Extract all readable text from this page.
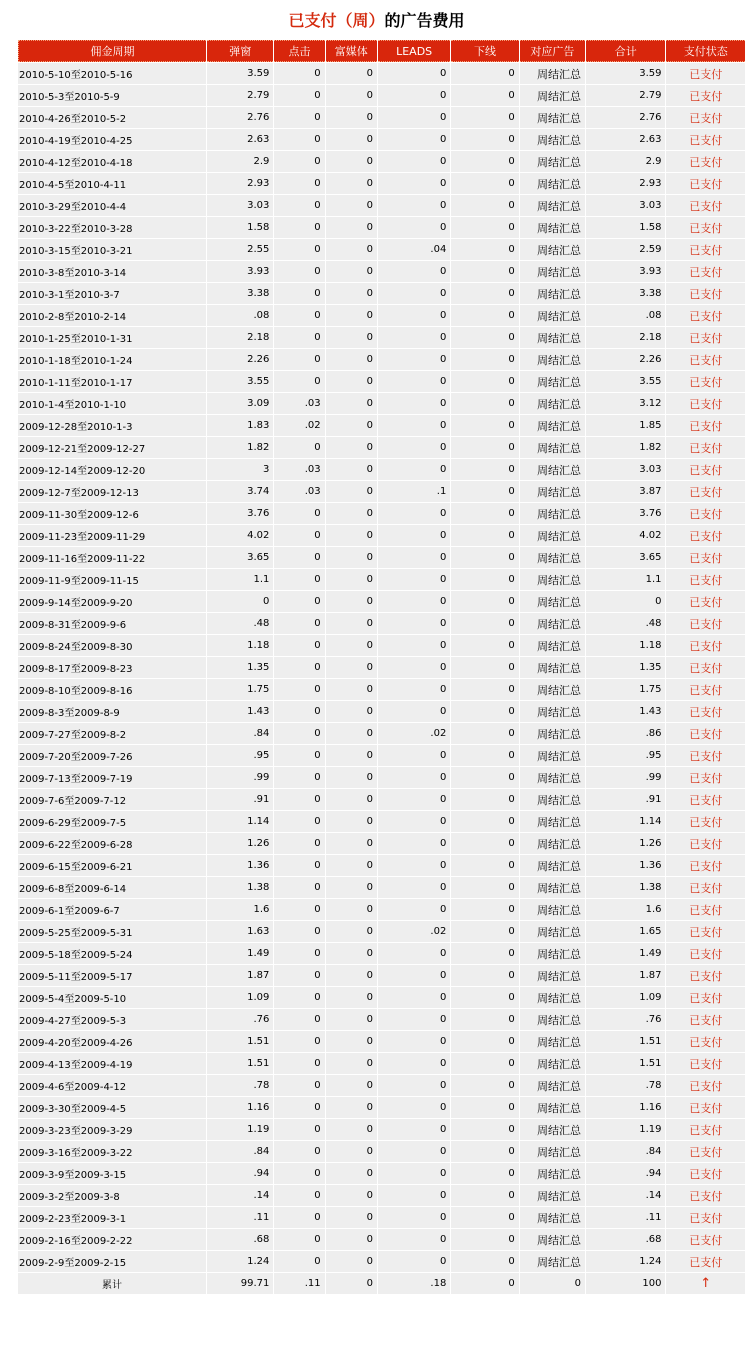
已支付（周）的广告费用
佣金周期	弹窗	点击	富媒体	LEADS	下线	对应广告	合计	支付状态
2010-5-10至2010-5-16	3.59	0	0	0	0	周结汇总	3.59	已支付
2010-5-3至2010-5-9	2.79	0	0	0	0	周结汇总	2.79	已支付
2010-4-26至2010-5-2	2.76	0	0	0	0	周结汇总	2.76	已支付
2010-4-19至2010-4-25	2.63	0	0	0	0	周结汇总	2.63	已支付
2010-4-12至2010-4-18	2.9	0	0	0	0	周结汇总	2.9	已支付
2010-4-5至2010-4-11	2.93	0	0	0	0	周结汇总	2.93	已支付
2010-3-29至2010-4-4	3.03	0	0	0	0	周结汇总	3.03	已支付
2010-3-22至2010-3-28	1.58	0	0	0	0	周结汇总	1.58	已支付
2010-3-15至2010-3-21	2.55	0	0	.04	0	周结汇总	2.59	已支付
2010-3-8至2010-3-14	3.93	0	0	0	0	周结汇总	3.93	已支付
2010-3-1至2010-3-7	3.38	0	0	0	0	周结汇总	3.38	已支付
2010-2-8至2010-2-14	.08	0	0	0	0	周结汇总	.08	已支付
2010-1-25至2010-1-31	2.18	0	0	0	0	周结汇总	2.18	已支付
2010-1-18至2010-1-24	2.26	0	0	0	0	周结汇总	2.26	已支付
2010-1-11至2010-1-17	3.55	0	0	0	0	周结汇总	3.55	已支付
2010-1-4至2010-1-10	3.09	.03	0	0	0	周结汇总	3.12	已支付
2009-12-28至2010-1-3	1.83	.02	0	0	0	周结汇总	1.85	已支付
2009-12-21至2009-12-27	1.82	0	0	0	0	周结汇总	1.82	已支付
2009-12-14至2009-12-20	3	.03	0	0	0	周结汇总	3.03	已支付
2009-12-7至2009-12-13	3.74	.03	0	.1	0	周结汇总	3.87	已支付
2009-11-30至2009-12-6	3.76	0	0	0	0	周结汇总	3.76	已支付
2009-11-23至2009-11-29	4.02	0	0	0	0	周结汇总	4.02	已支付
2009-11-16至2009-11-22	3.65	0	0	0	0	周结汇总	3.65	已支付
2009-11-9至2009-11-15	1.1	0	0	0	0	周结汇总	1.1	已支付
2009-9-14至2009-9-20	0	0	0	0	0	周结汇总	0	已支付
2009-8-31至2009-9-6	.48	0	0	0	0	周结汇总	.48	已支付
2009-8-24至2009-8-30	1.18	0	0	0	0	周结汇总	1.18	已支付
2009-8-17至2009-8-23	1.35	0	0	0	0	周结汇总	1.35	已支付
2009-8-10至2009-8-16	1.75	0	0	0	0	周结汇总	1.75	已支付
2009-8-3至2009-8-9	1.43	0	0	0	0	周结汇总	1.43	已支付
2009-7-27至2009-8-2	.84	0	0	.02	0	周结汇总	.86	已支付
2009-7-20至2009-7-26	.95	0	0	0	0	周结汇总	.95	已支付
2009-7-13至2009-7-19	.99	0	0	0	0	周结汇总	.99	已支付
2009-7-6至2009-7-12	.91	0	0	0	0	周结汇总	.91	已支付
2009-6-29至2009-7-5	1.14	0	0	0	0	周结汇总	1.14	已支付
2009-6-22至2009-6-28	1.26	0	0	0	0	周结汇总	1.26	已支付
2009-6-15至2009-6-21	1.36	0	0	0	0	周结汇总	1.36	已支付
2009-6-8至2009-6-14	1.38	0	0	0	0	周结汇总	1.38	已支付
2009-6-1至2009-6-7	1.6	0	0	0	0	周结汇总	1.6	已支付
2009-5-25至2009-5-31	1.63	0	0	.02	0	周结汇总	1.65	已支付
2009-5-18至2009-5-24	1.49	0	0	0	0	周结汇总	1.49	已支付
2009-5-11至2009-5-17	1.87	0	0	0	0	周结汇总	1.87	已支付
2009-5-4至2009-5-10	1.09	0	0	0	0	周结汇总	1.09	已支付
2009-4-27至2009-5-3	.76	0	0	0	0	周结汇总	.76	已支付
2009-4-20至2009-4-26	1.51	0	0	0	0	周结汇总	1.51	已支付
2009-4-13至2009-4-19	1.51	0	0	0	0	周结汇总	1.51	已支付
2009-4-6至2009-4-12	.78	0	0	0	0	周结汇总	.78	已支付
2009-3-30至2009-4-5	1.16	0	0	0	0	周结汇总	1.16	已支付
2009-3-23至2009-3-29	1.19	0	0	0	0	周结汇总	1.19	已支付
2009-3-16至2009-3-22	.84	0	0	0	0	周结汇总	.84	已支付
2009-3-9至2009-3-15	.94	0	0	0	0	周结汇总	.94	已支付
2009-3-2至2009-3-8	.14	0	0	0	0	周结汇总	.14	已支付
2009-2-23至2009-3-1	.11	0	0	0	0	周结汇总	.11	已支付
2009-2-16至2009-2-22	.68	0	0	0	0	周结汇总	.68	已支付
2009-2-9至2009-2-15	1.24	0	0	0	0	周结汇总	1.24	已支付
累计	99.71	.11	0	.18	0	0	100	↑
